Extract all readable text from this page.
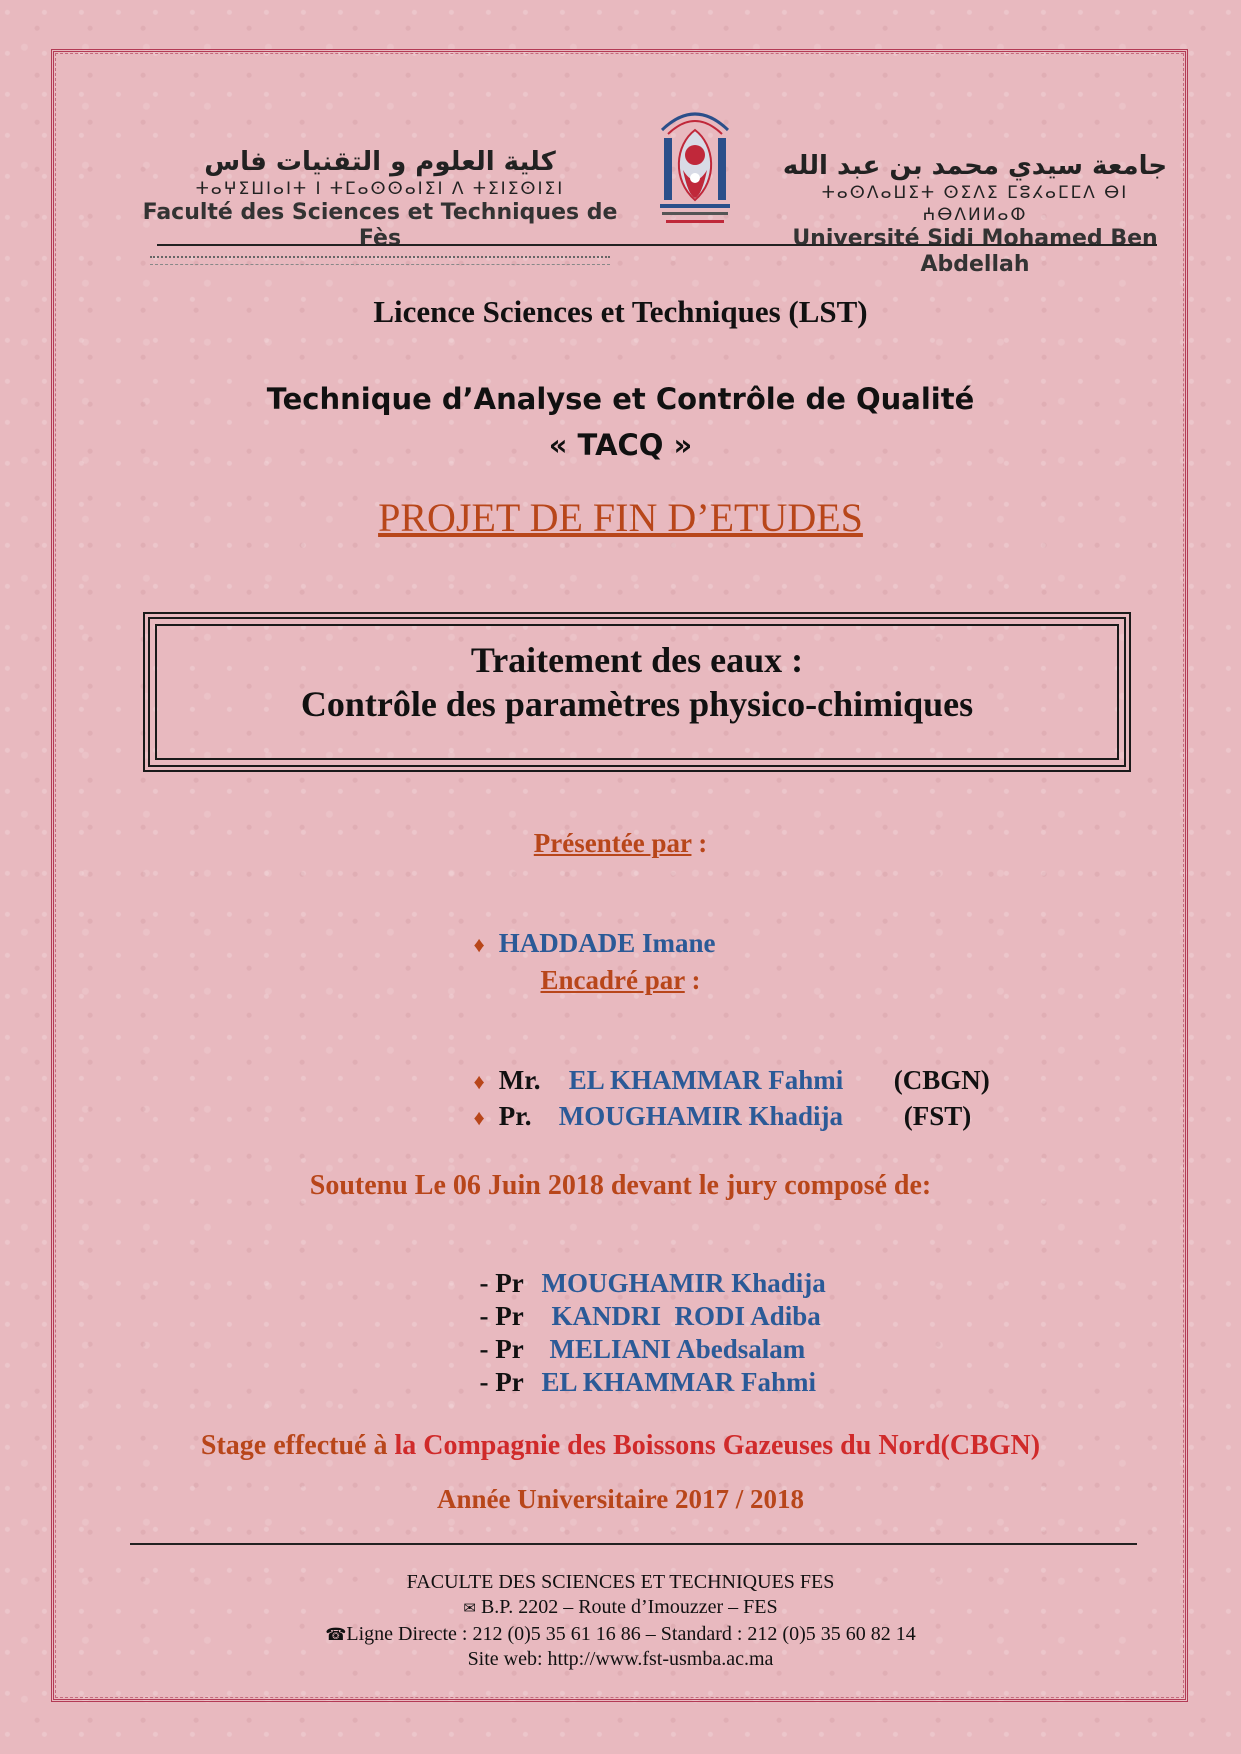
كلية العلوم و التقنيات فاس
ⵜⴰⵖⵉⵡⵏⴰⵏⵜ ⵏ ⵜⵎⴰⵙⵙⴰⵏⵉⵏ ⴷ ⵜⵉⵏⵉⵙⵏⵉⵏ
Faculté des Sciences et Techniques de Fès
جامعة سيدي محمد بن عبد الله
ⵜⴰⵙⴷⴰⵡⵉⵜ ⵙⵉⴷⵉ ⵎⵓⵃⴰⵎⵎⴷ ⴱⵏ ⵄⴱⴷⵍⵍⴰⵀ
Université Sidi Mohamed Ben Abdellah
Licence Sciences et Techniques (LST)
Technique d’Analyse et Contrôle de Qualité
« TACQ »
PROJET DE FIN D’ETUDES
Traitement des eaux :
Contrôle des paramètres physico-chimiques
Présentée par :

♦ HADDADE Imane

Encadré par :

♦ Mr. EL KHAMMAR Fahmi (CBGN)

♦ Pr. MOUGHAMIR Khadija (FST)

Soutenu Le 06 Juin 2018 devant le jury composé de:

- Pr MOUGHAMIR Khadija

- Pr KANDRI  RODI Adiba

- Pr MELIANI Abedsalam

- Pr EL KHAMMAR Fahmi

Stage effectué à la Compagnie des Boissons Gazeuses du Nord(CBGN)
Année Universitaire 2017 / 2018
FACULTE DES SCIENCES ET TECHNIQUES FES
✉ B.P. 2202 – Route d’Imouzzer – FES
☎Ligne Directe : 212 (0)5 35 61 16 86 – Standard : 212 (0)5 35 60 82 14
Site web: http://www.fst-usmba.ac.ma
